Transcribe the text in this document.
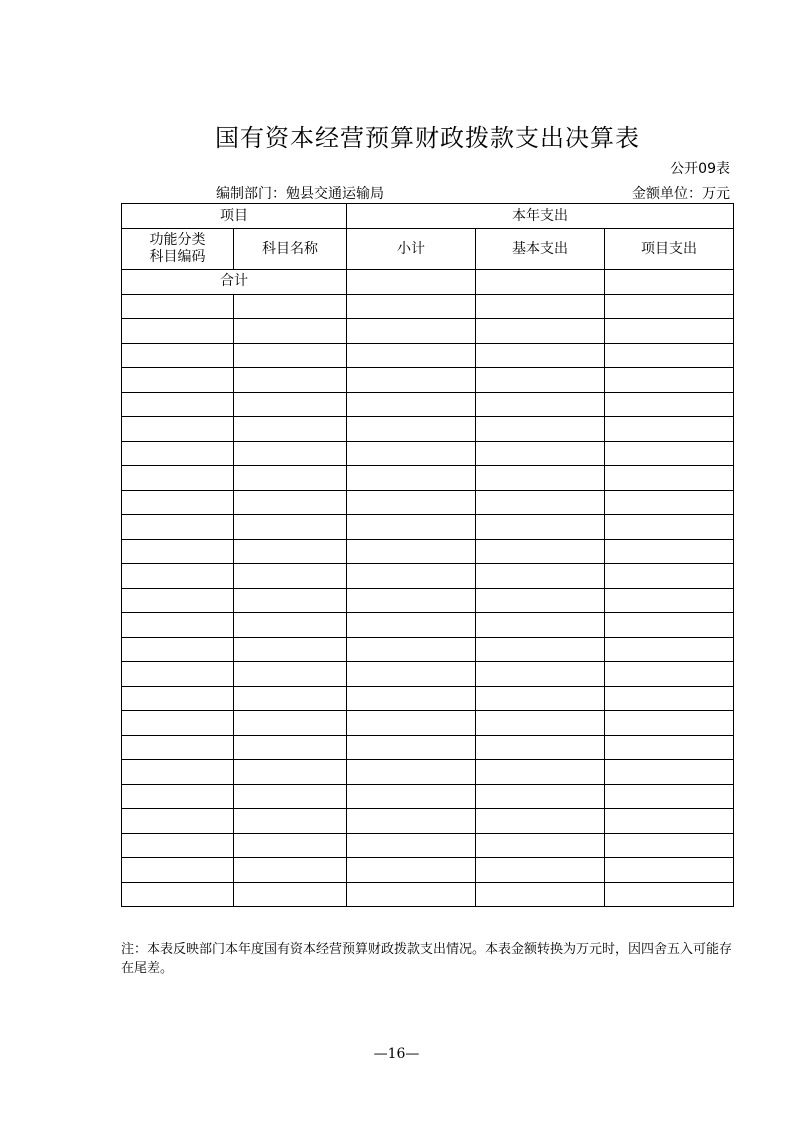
国有资本经营预算财政拨款支出决算表
公开09表
编制部门：勉县交通运输局	金额单位：万元
项目		本年支出		
功能分类科目编码	科目名称	小计	基本支出	项目支出
合计				

注：本表反映部门本年度国有资本经营预算财政拨款支出情况。本表金额转换为万元时，因四舍五入可能存在尾差。
—16—
